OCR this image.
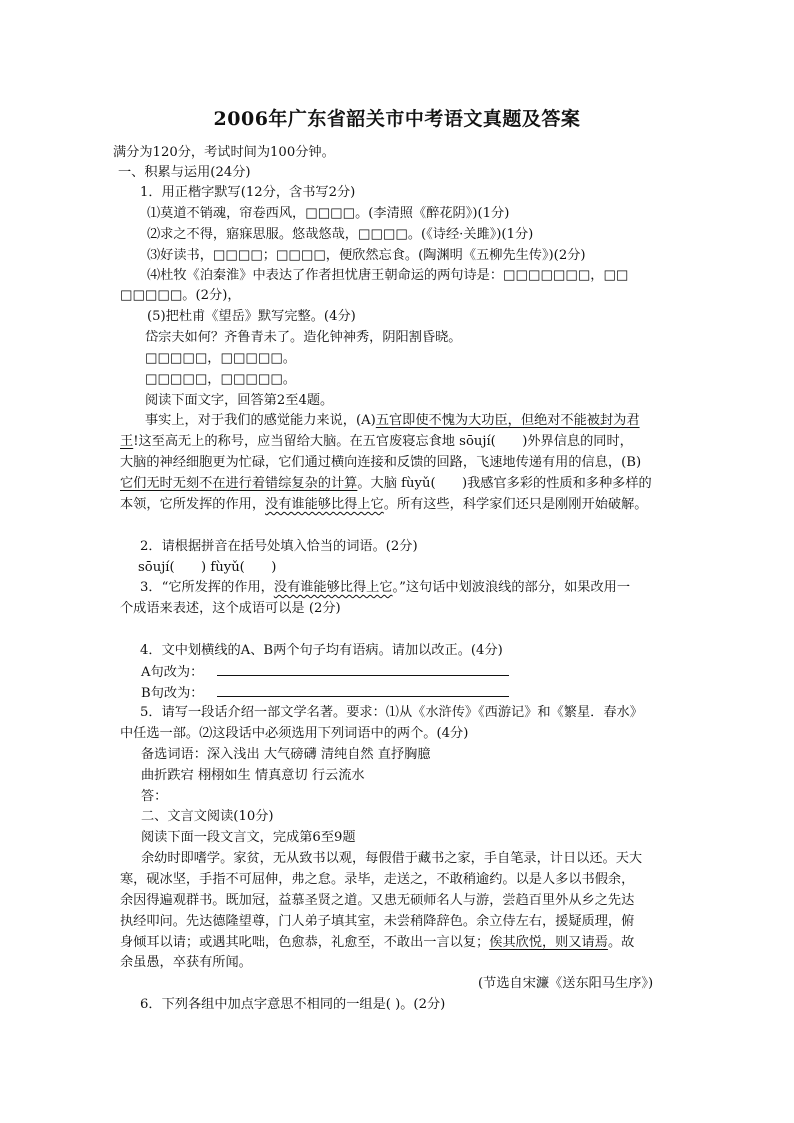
2006年广东省韶关市中考语文真题及答案
满分为120分，考试时间为100分钟。
一、积累与运用(24分)
1．用正楷字默写(12分，含书写2分)
⑴莫道不销魂，帘卷西风，□□□□。(李清照《醉花阴》)(1分)
⑵求之不得，寤寐思服。悠哉悠哉，□□□□。(《诗经·关雎》)(1分)
⑶好读书，□□□□；□□□□，便欣然忘食。(陶渊明《五柳先生传》)(2分)
⑷杜牧《泊秦淮》中表达了作者担忧唐王朝命运的两句诗是：□□□□□□□，□□
□□□□□。(2分)，
(5)把杜甫《望岳》默写完整。(4分)
岱宗夫如何？齐鲁青未了。造化钟神秀，阴阳割昏晓。
□□□□□，□□□□□。
□□□□□，□□□□□。
阅读下面文字，回答第2至4题。
事实上，对于我们的感觉能力来说，(A)五官即使不愧为大功臣，但绝对不能被封为君
王!这至高无上的称号，应当留给大脑。在五官废寝忘食地 sōují(　　)外界信息的同时，
大脑的神经细胞更为忙碌，它们通过横向连接和反馈的回路，飞速地传递有用的信息，(B)
它们无时无刻不在进行着错综复杂的计算。大脑 fùyǔ(　　)我感官多彩的性质和多种多样的
本领，它所发挥的作用，没有谁能够比得上它。所有这些，科学家们还只是刚刚开始破解。
2．请根据拼音在括号处填入恰当的词语。(2分)
sōují(　　) fùyǔ(　　)
3．“它所发挥的作用，没有谁能够比得上它。”这句话中划波浪线的部分，如果改用一
个成语来表述，这个成语可以是 (2分)
4．文中划横线的A、B两个句子均有语病。请加以改正。(4分)
A句改为：
B句改为：
5．请写一段话介绍一部文学名著。要求：⑴从《水浒传》《西游记》和《繁星．春水》
中任选一部。⑵这段话中必须选用下列词语中的两个。(4分)
备选词语：深入浅出 大气磅礴 清纯自然 直抒胸臆
曲折跌宕 栩栩如生 情真意切 行云流水
答：
二、文言文阅读(10分)
阅读下面一段文言文，完成第6至9题
余幼时即嗜学。家贫，无从致书以观，每假借于藏书之家，手自笔录，计日以还。天大
寒，砚冰坚，手指不可屈伸，弗之怠。录毕，走送之，不敢稍逾约。以是人多以书假余，
余因得遍观群书。既加冠，益慕圣贤之道。又患无硕师名人与游，尝趋百里外从乡之先达
执经叩问。先达德隆望尊，门人弟子填其室，未尝稍降辞色。余立侍左右，援疑质理，俯
身倾耳以请；或遇其叱咄，色愈恭，礼愈至，不敢出一言以复；俟其欣悦，则又请焉。故
余虽愚，卒获有所闻。
(节选自宋濂《送东阳马生序》)
6．下列各组中加点字意思不相同的一组是( )。(2分)
